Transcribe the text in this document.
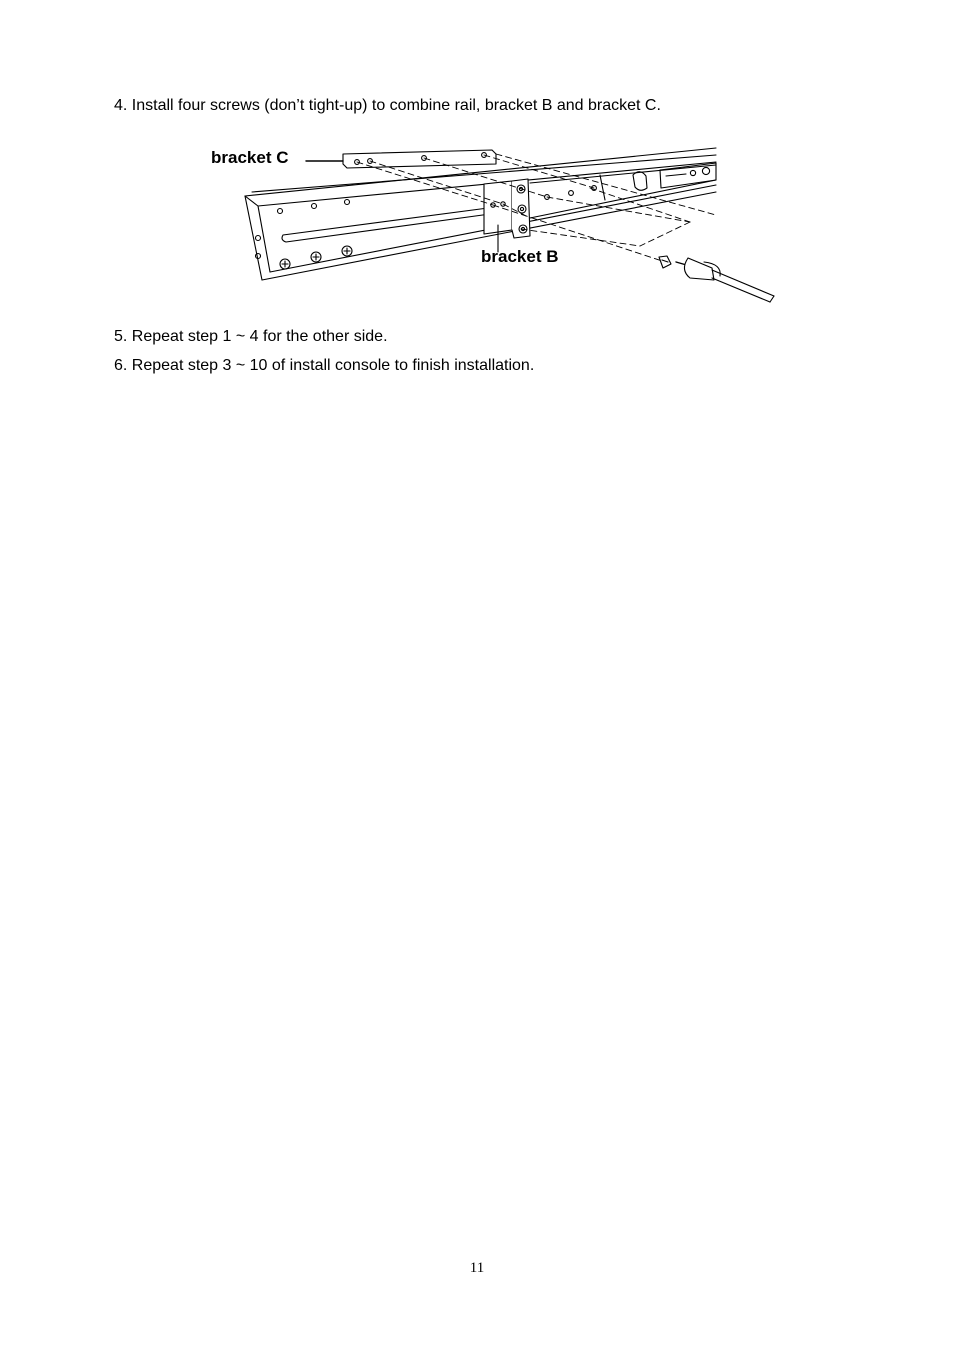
4. Install four screws (don’t tight-up) to combine rail, bracket B and bracket C.
bracket C
bracket B
5. Repeat step 1 ~ 4 for the other side.
6. Repeat step 3 ~ 10 of install console to finish installation.
11
